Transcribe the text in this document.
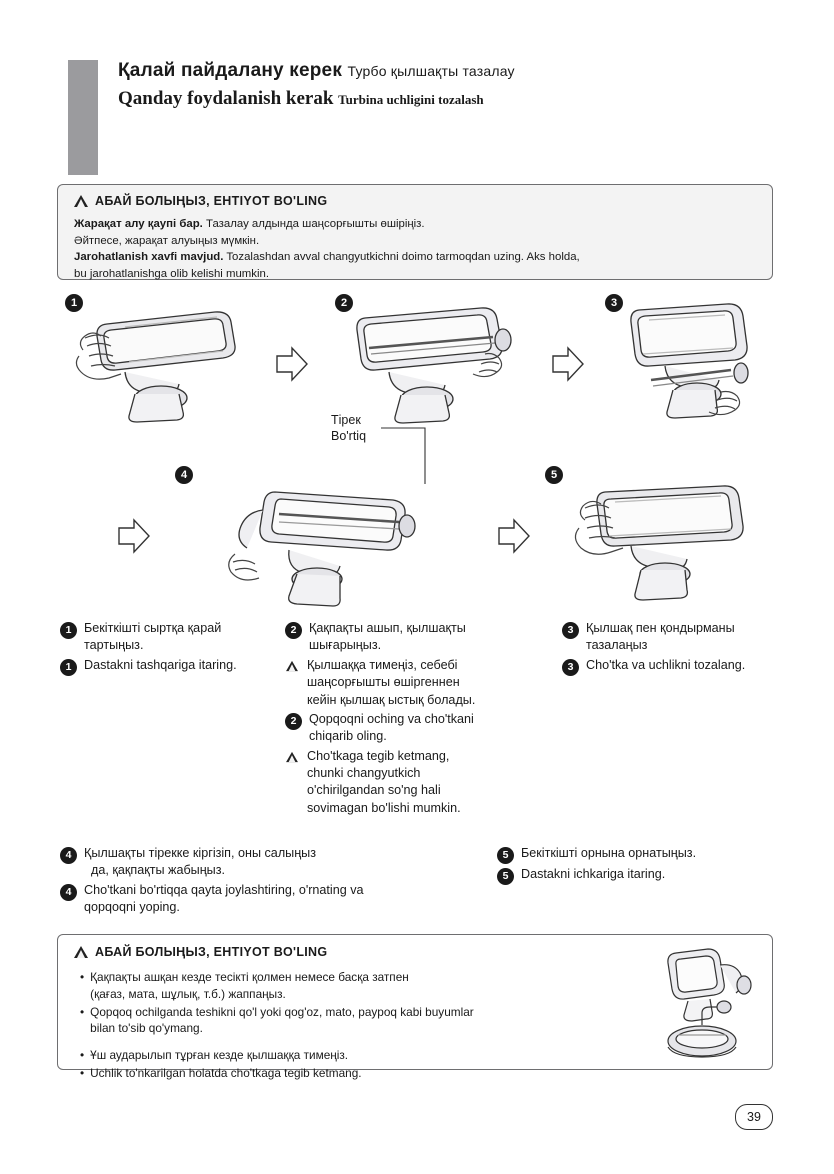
Қалай пайдалану керек Турбо қылшақты тазалау
Qanday foydalanish kerak Turbina uchligini tozalash
АБАЙ БОЛЫҢЫЗ, EHTIYOT BO'LING
Жарақат алу қаупі бар. Тазалау алдында шаңсорғышты өшіріңіз.
Әйтпесе, жарақат алуыңыз мүмкін.
Jarohatlanish xavfi mavjud. Tozalashdan avval changyutkichni doimo tarmoqdan uzing. Aks holda,
bu jarohatlanishga olib kelishi mumkin.
1	2	3
Тірек
Bo'rtiq
4	5
1 Бекіткішті сыртқа қарай
тартыңыз.
1 Dastakni tashqariga itaring.
2 Қақпақты ашып, қылшақты
шығарыңыз.
Қылшаққа тимеңіз, себебі
шаңсорғышты өшіргеннен
кейін қылшақ ыстық болады.
2 Qopqoqni oching va cho'tkani
chiqarib oling.
Cho'tkaga tegib ketmang,
chunki changyutkich
o'chirilgandan so'ng hali
sovimagan bo'lishi mumkin.
3 Қылшақ пен қондырманы
тазалаңыз
3 Cho'tka va uchlikni tozalang.
4 Қылшақты тірекке кіргізіп, оны салыңыз
да, қақпақты жабыңыз.
4 Cho'tkani bo'rtiqqa qayta joylashtiring, o'rnating va
qopqoqni yoping.
5 Бекіткішті орнына орнатыңыз.
5 Dastakni ichkariga itaring.
АБАЙ БОЛЫҢЫЗ, EHTIYOT BO'LING
• Қақпақты ашқан кезде тесікті қолмен немесе басқа затпен
(қағаз, мата, шұлық, т.б.) жаппаңыз.
• Qopqoq ochilganda teshikni qo'l yoki qog'oz, mato, paypoq kabi buyumlar
bilan to'sib qo'ymang.
• Ұш аударылып тұрған кезде қылшаққа тимеңіз.
• Uchlik to'nkarilgan holatda cho'tkaga tegib ketmang.
39
